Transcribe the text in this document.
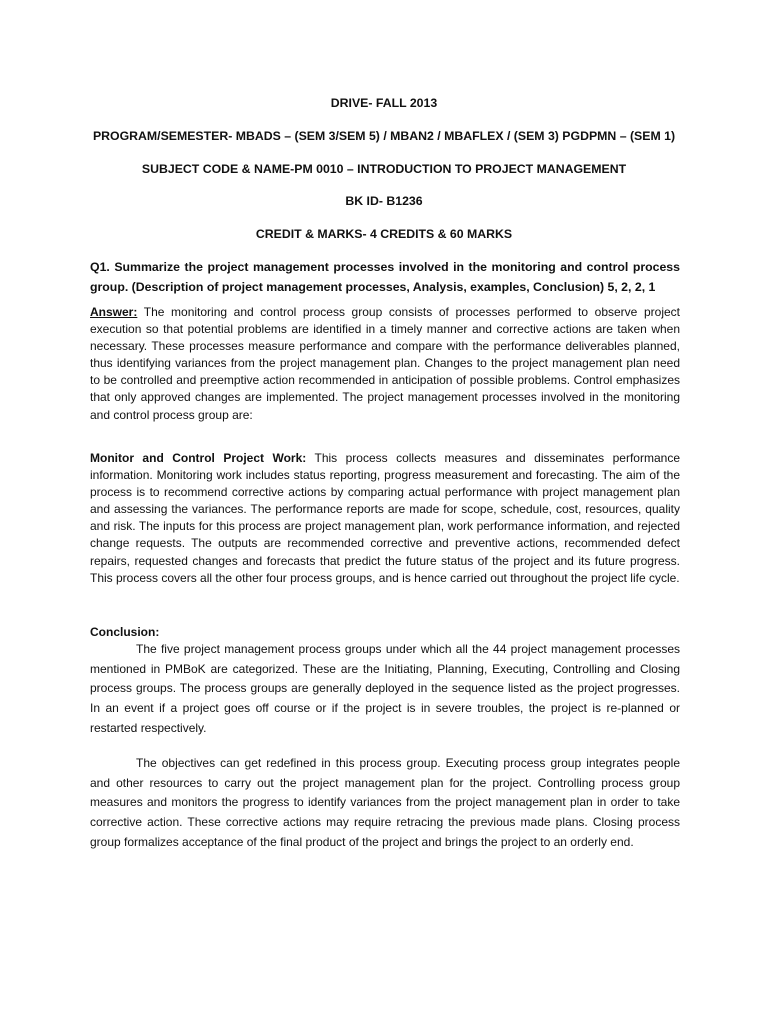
DRIVE- FALL 2013
PROGRAM/SEMESTER- MBADS – (SEM 3/SEM 5) / MBAN2 / MBAFLEX / (SEM 3) PGDPMN – (SEM 1)
SUBJECT CODE & NAME-PM 0010 – INTRODUCTION TO PROJECT MANAGEMENT
BK ID- B1236
CREDIT & MARKS- 4 CREDITS & 60 MARKS
Q1. Summarize the project management processes involved in the monitoring and control process group. (Description of project management processes, Analysis, examples, Conclusion) 5, 2, 2, 1
Answer: The monitoring and control process group consists of processes performed to observe project execution so that potential problems are identified in a timely manner and corrective actions are taken when necessary. These processes measure performance and compare with the performance deliverables planned, thus identifying variances from the project management plan. Changes to the project management plan need to be controlled and preemptive action recommended in anticipation of possible problems. Control emphasizes that only approved changes are implemented. The project management processes involved in the monitoring and control process group are:
Monitor and Control Project Work: This process collects measures and disseminates performance information. Monitoring work includes status reporting, progress measurement and forecasting. The aim of the process is to recommend corrective actions by comparing actual performance with project management plan and assessing the variances. The performance reports are made for scope, schedule, cost, resources, quality and risk. The inputs for this process are project management plan, work performance information, and rejected change requests. The outputs are recommended corrective and preventive actions, recommended defect repairs, requested changes and forecasts that predict the future status of the project and its future progress. This process covers all the other four process groups, and is hence carried out throughout the project life cycle.
Conclusion:
The five project management process groups under which all the 44 project management processes mentioned in PMBoK are categorized. These are the Initiating, Planning, Executing, Controlling and Closing process groups. The process groups are generally deployed in the sequence listed as the project progresses. In an event if a project goes off course or if the project is in severe troubles, the project is re-planned or restarted respectively.
The objectives can get redefined in this process group. Executing process group integrates people and other resources to carry out the project management plan for the project. Controlling process group measures and monitors the progress to identify variances from the project management plan in order to take corrective action. These corrective actions may require retracing the previous made plans. Closing process group formalizes acceptance of the final product of the project and brings the project to an orderly end.
